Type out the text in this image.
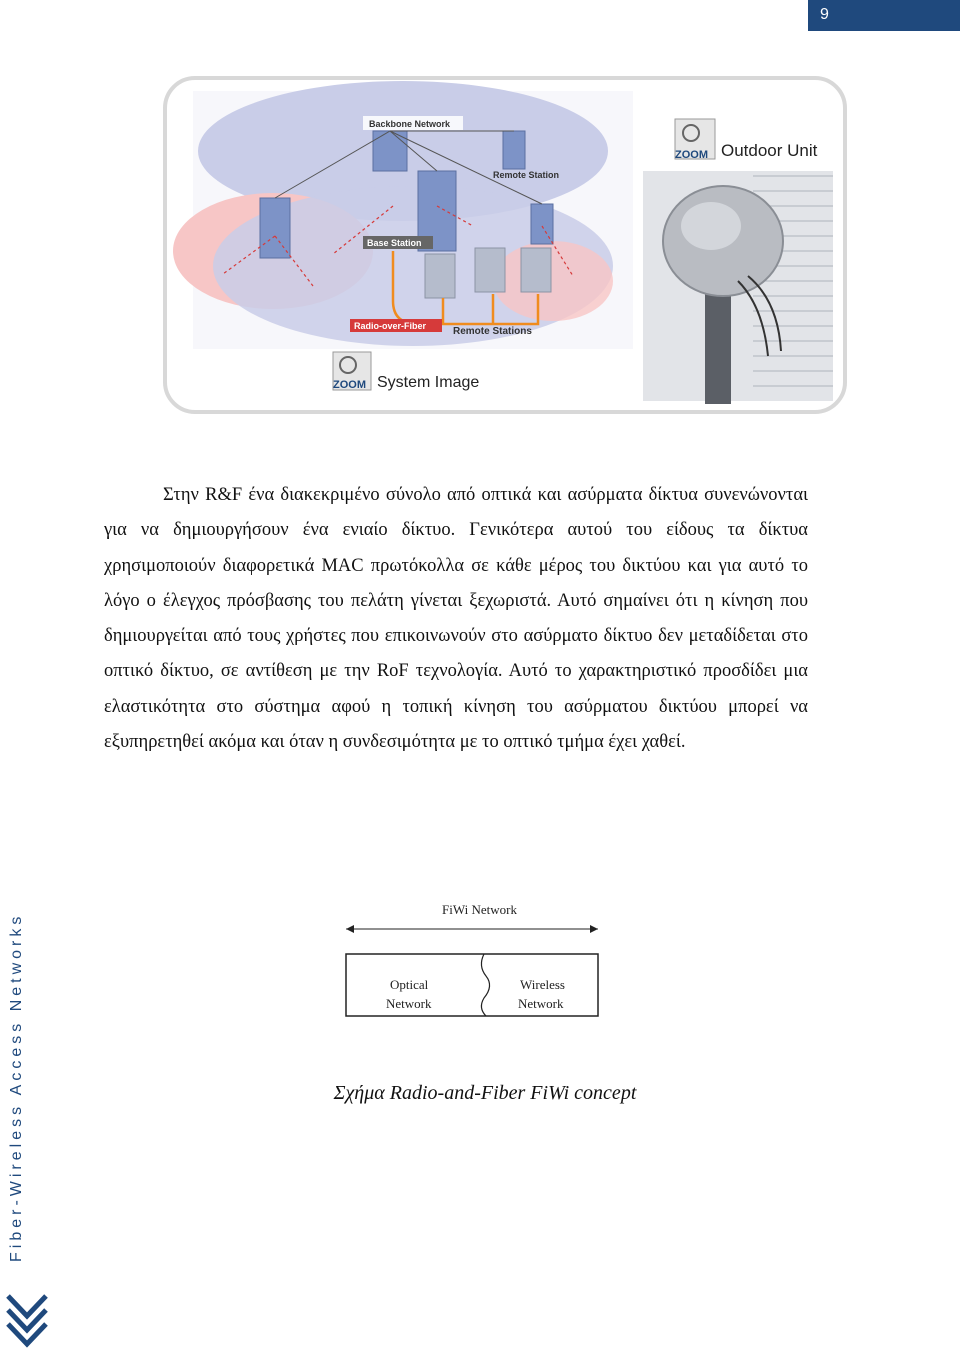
9
Fiber-Wireless Access Networks
Backbone Network
Remote Station
Base Station
Radio-over-Fiber	Remote Stations
ZOOM System Image
ZOOM Outdoor Unit
Στην R&F ένα διακεκριμένο σύνολο από οπτικά και ασύρματα δίκτυα συνενώνονται για να δημιουργήσουν ένα ενιαίο δίκτυο. Γενικότερα αυτού του είδους τα δίκτυα χρησιμοποιούν διαφορετικά MAC πρωτόκολλα σε κάθε μέρος του δικτύου και για αυτό το λόγο ο έλεγχος πρόσβασης του πελάτη γίνεται ξεχωριστά. Αυτό σημαίνει ότι η κίνηση που δημιουργείται από τους χρήστες που επικοινωνούν στο ασύρματο δίκτυο δεν μεταδίδεται στο οπτικό δίκτυο, σε αντίθεση με την RoF τεχνολογία. Αυτό το χαρακτηριστικό προσδίδει μια ελαστικότητα στο σύστημα αφού η τοπική κίνηση του ασύρματου δικτύου μπορεί να εξυπηρετηθεί ακόμα και όταν η συνδεσιμότητα με το οπτικό τμήμα έχει χαθεί.
FiWi Network
Optical
Network
Wireless
Network
Σχήμα Radio-and-Fiber FiWi concept
